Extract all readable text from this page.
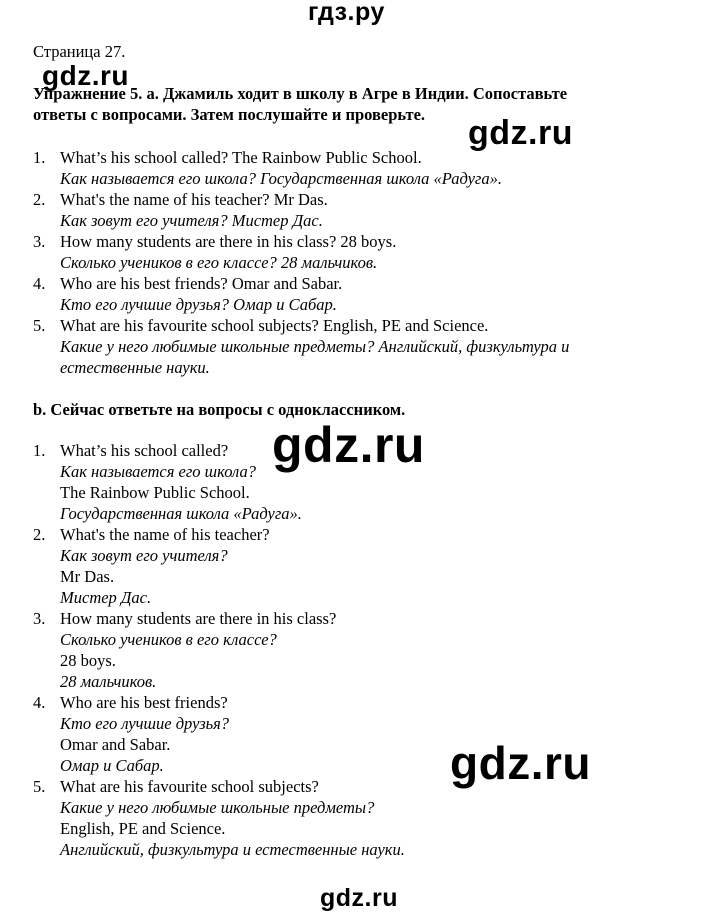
гдз.ру
gdz.ru
gdz.ru
gdz.ru
gdz.ru
gdz.ru
Страница 27.
Упражнение 5. a. Джамиль ходит в школу в Агре в Индии. Сопоставьте
ответы с вопросами. Затем послушайте и проверьте.
1. What’s his school called? The Rainbow Public School.
Как называется его школа? Государственная школа «Радуга».
2. What's the name of his teacher? Mr Das.
Как зовут его учителя? Мистер Дас.
3. How many students are there in his class? 28 boys.
Сколько учеников в его классе? 28 мальчиков.
4. Who are his best friends? Omar and Sabar.
Кто его лучшие друзья? Омар и Сабар.
5. What are his favourite school subjects? English, PE and Science.
Какие у него любимые школьные предметы? Английский, физкультура и
естественные науки.
b. Сейчас ответьте на вопросы с одноклассником.
1. What’s his school called?
Как называется его школа?
The Rainbow Public School.
Государственная школа «Радуга».
2. What's the name of his teacher?
Как зовут его учителя?
Mr Das.
Мистер Дас.
3. How many students are there in his class?
Сколько учеников в его классе?
28 boys.
28 мальчиков.
4. Who are his best friends?
Кто его лучшие друзья?
Omar and Sabar.
Омар и Сабар.
5. What are his favourite school subjects?
Какие у него любимые школьные предметы?
English, PE and Science.
Английский, физкультура и естественные науки.
